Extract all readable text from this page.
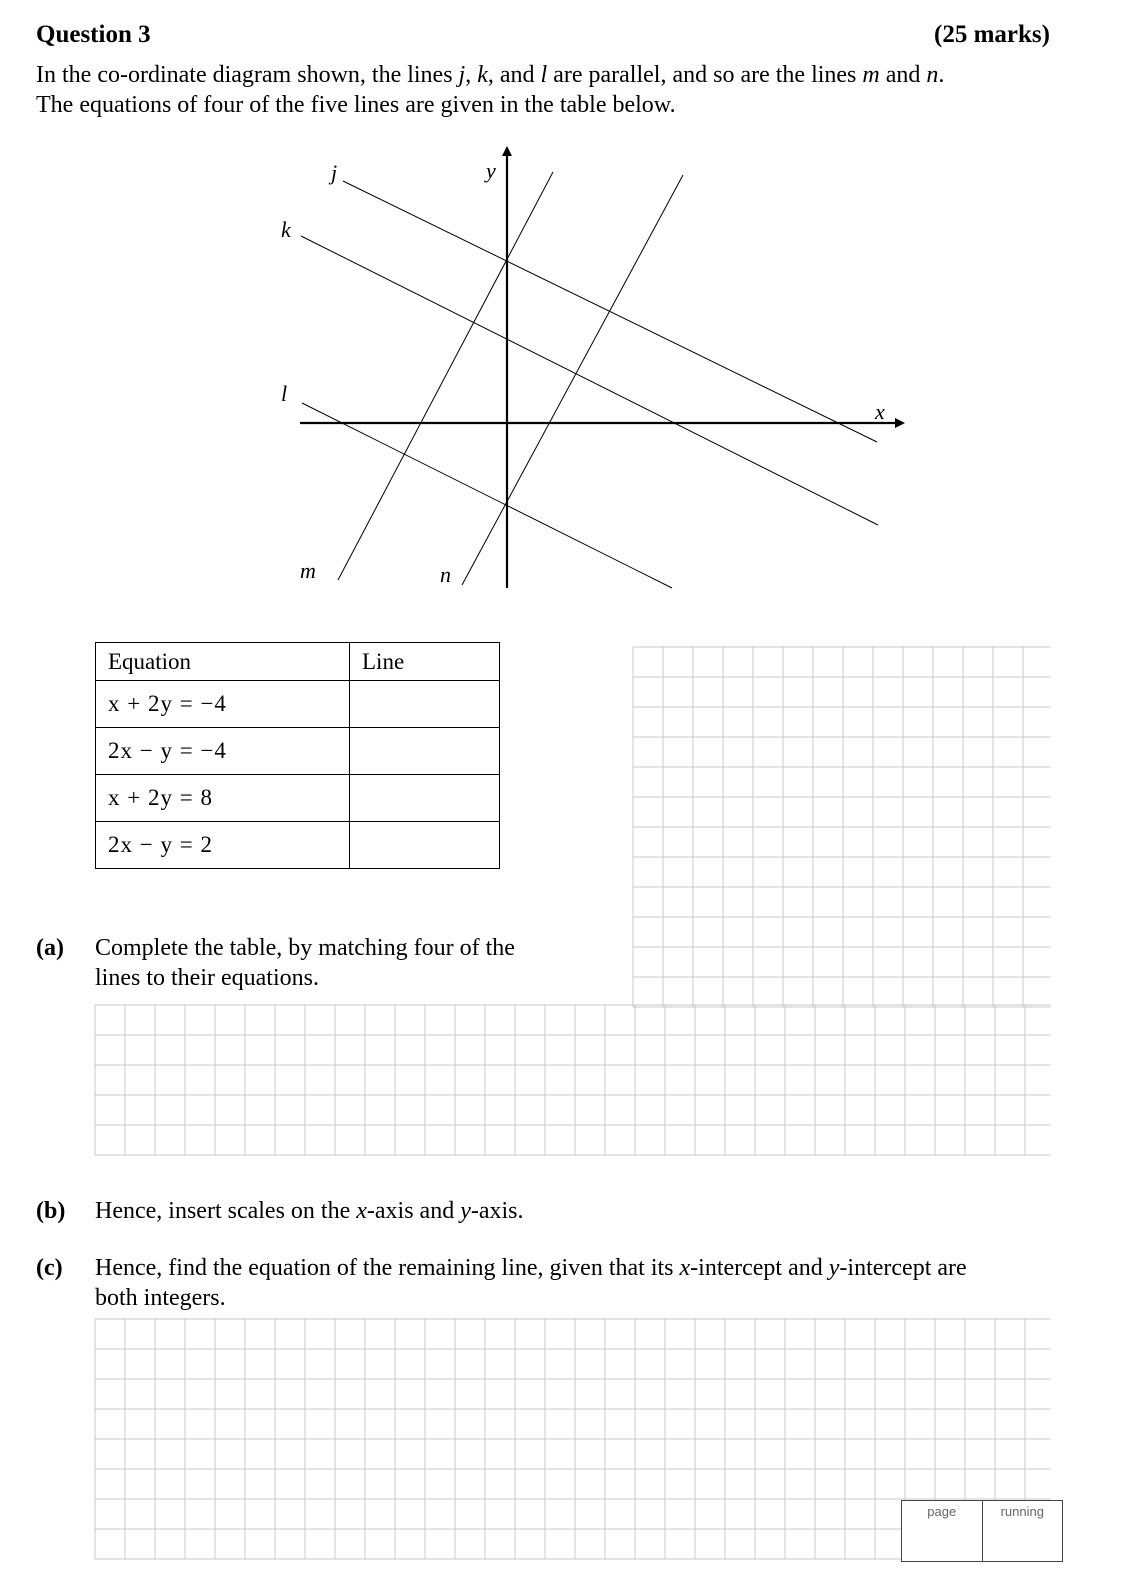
Question 3	(25 marks)

In the co-ordinate diagram shown, the lines j, k, and l are parallel, and so are the lines m and n.

The equations of four of the five lines are given in the table below.

y
x
j
k
l
m	n
Equation	Line
x + 2y = −4	
2x − y = −4	
x + 2y = 8	
2x − y = 2	
(a) Complete the table, by matching four of the
lines to their equations.
(b) Hence, insert scales on the x-axis and y-axis.
(c) Hence, find the equation of the remaining line, given that its x-intercept and y-intercept are
both integers.
page	running
